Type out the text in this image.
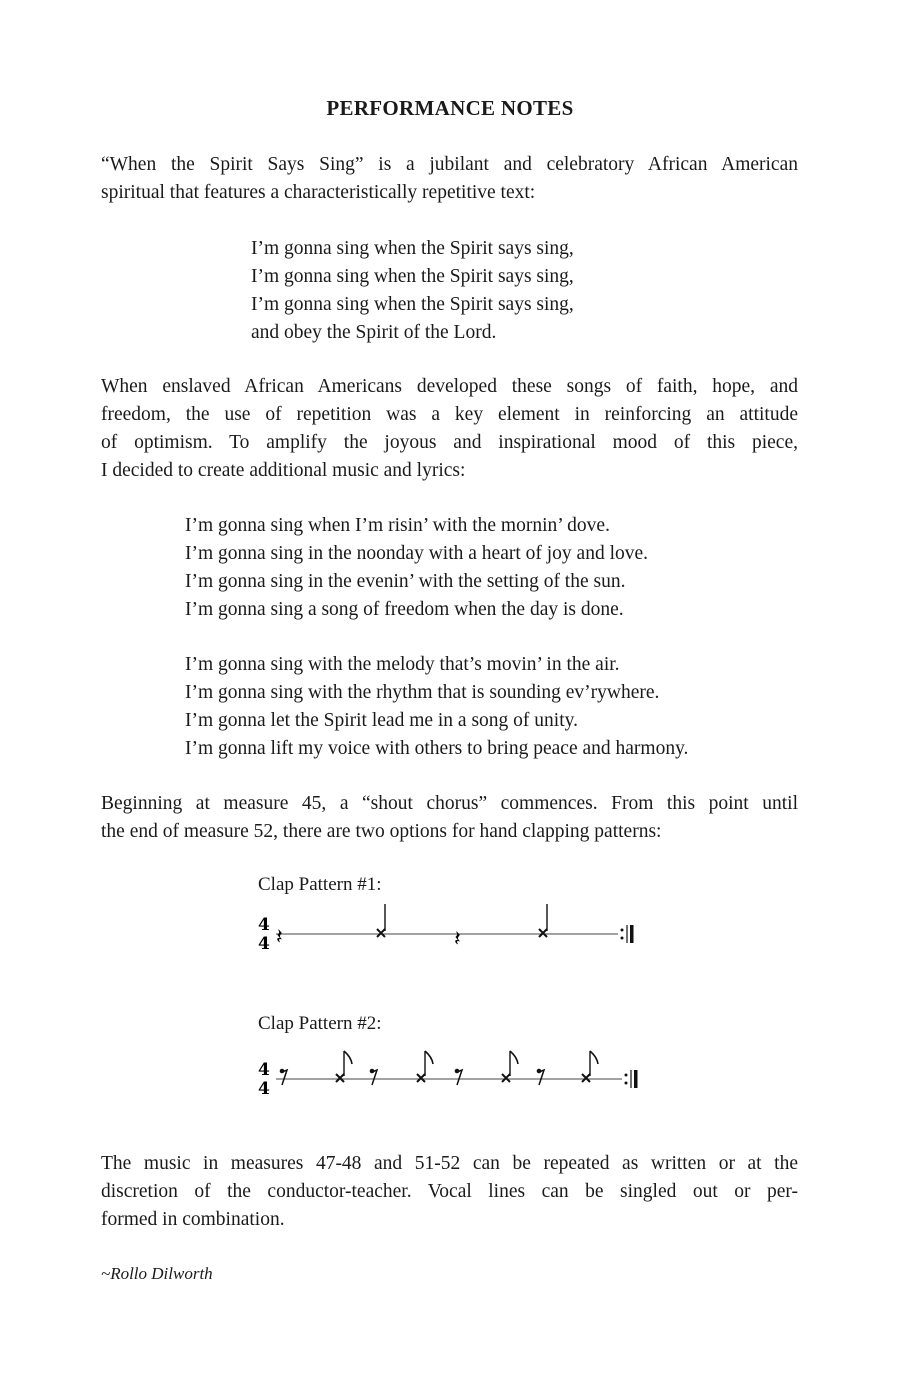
PERFORMANCE NOTES

“When the Spirit Says Sing” is a jubilant and celebratory African American
spiritual that features a characteristically repetitive text:

I’m gonna sing when the Spirit says sing,
I’m gonna sing when the Spirit says sing,
I’m gonna sing when the Spirit says sing,
and obey the Spirit of the Lord.

When enslaved African Americans developed these songs of faith, hope, and
freedom, the use of repetition was a key element in reinforcing an attitude
of optimism. To amplify the joyous and inspirational mood of this piece,
I decided to create additional music and lyrics:

I’m gonna sing when I’m risin’ with the mornin’ dove.
I’m gonna sing in the noonday with a heart of joy and love.
I’m gonna sing in the evenin’ with the setting of the sun.
I’m gonna sing a song of freedom when the day is done.
I’m gonna sing with the melody that’s movin’ in the air.
I’m gonna sing with the rhythm that is sounding ev’rywhere.
I’m gonna let the Spirit lead me in a song of unity.
I’m gonna lift my voice with others to bring peace and harmony.

Beginning at measure 45, a “shout chorus” commences. From this point until
the end of measure 52, there are two options for hand clapping patterns:

Clap Pattern #1:
4
4 𝄽	𝄽
Clap Pattern #2:
4
4

The music in measures 47-48 and 51-52 can be repeated as written or at the
discretion of the conductor-teacher. Vocal lines can be singled out or per-
formed in combination.

~Rollo Dilworth
